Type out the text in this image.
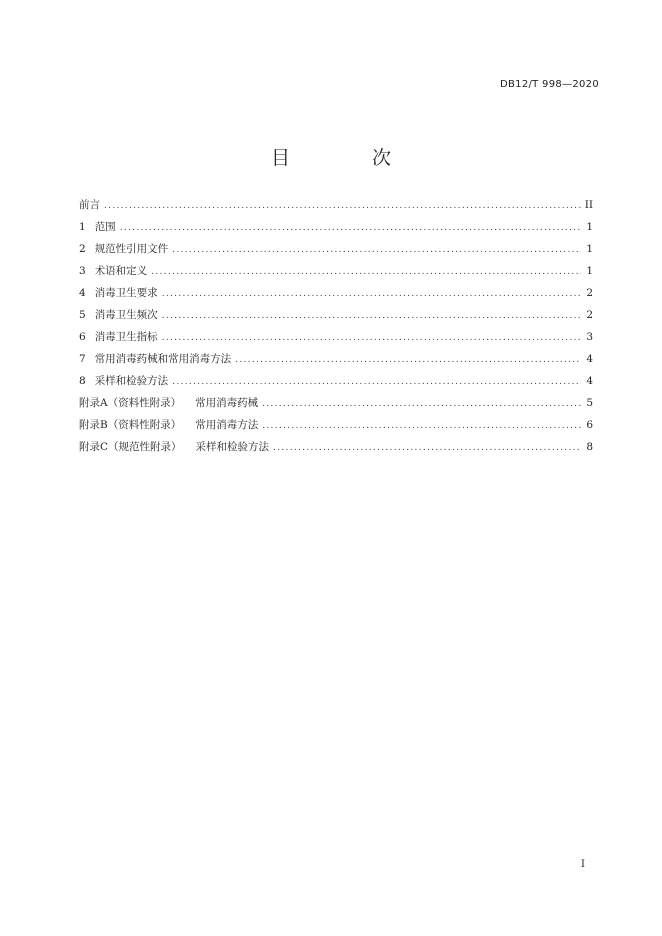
DB12/T 998—2020
目 次
前言 .....	II
1 范围 .....	1
2 规范性引用文件 .....	1
3 术语和定义 .....	1
4 消毒卫生要求 .....	2
5 消毒卫生频次 .....	2
6 消毒卫生指标 .....	3
7 常用消毒药械和常用消毒方法 .....	4
8 采样和检验方法 .....	4
附录A（资料性附录） 常用消毒药械 .....	5
附录B（资料性附录） 常用消毒方法 .....	6
附录C（规范性附录） 采样和检验方法 .....	8
I
